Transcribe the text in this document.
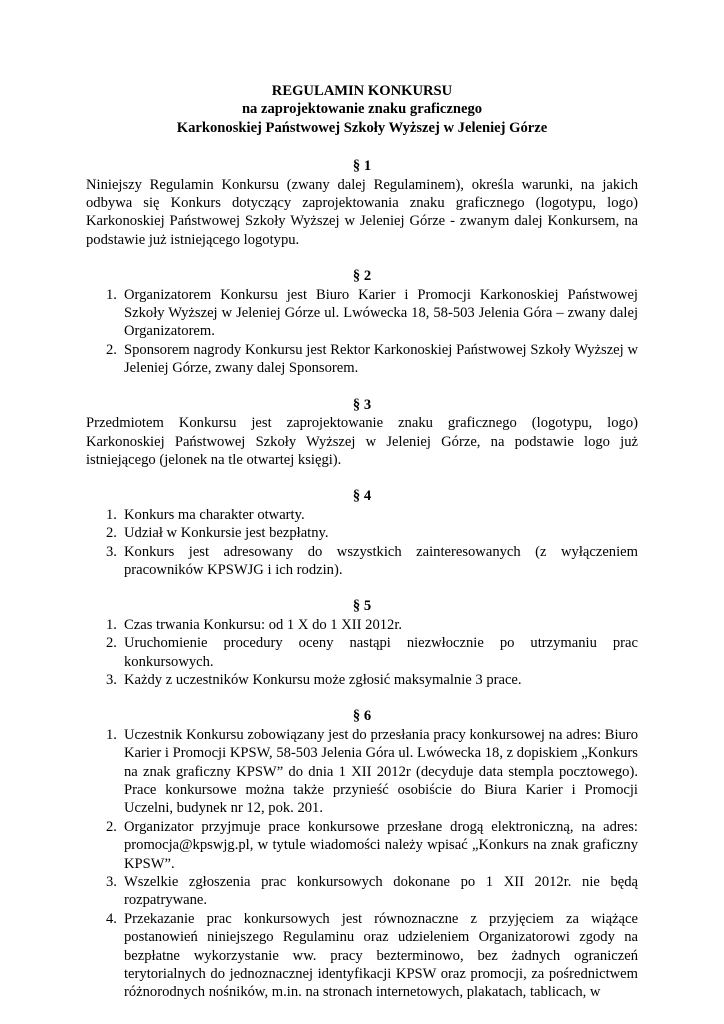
REGULAMIN KONKURSU

na zaprojektowanie znaku graficznego

Karkonoskiej Państwowej Szkoły Wyższej w Jeleniej Górze

§ 1

Niniejszy Regulamin Konkursu (zwany dalej Regulaminem), określa warunki, na jakich odbywa się Konkurs dotyczący zaprojektowania znaku graficznego (logotypu, logo) Karkonoskiej Państwowej Szkoły Wyższej w Jeleniej Górze - zwanym dalej Konkursem, na podstawie już istniejącego logotypu.

§ 2

1. Organizatorem Konkursu jest Biuro Karier i Promocji Karkonoskiej Państwowej Szkoły Wyższej w Jeleniej Górze ul. Lwówecka 18, 58-503 Jelenia Góra – zwany dalej Organizatorem.
2. Sponsorem nagrody Konkursu jest Rektor Karkonoskiej Państwowej Szkoły Wyższej w Jeleniej Górze, zwany dalej Sponsorem.

§ 3

Przedmiotem Konkursu jest zaprojektowanie znaku graficznego (logotypu, logo) Karkonoskiej Państwowej Szkoły Wyższej w Jeleniej Górze, na podstawie logo już istniejącego (jelonek na tle otwartej księgi).

§ 4

1. Konkurs ma charakter otwarty.
2. Udział w Konkursie jest bezpłatny.
3. Konkurs jest adresowany do wszystkich zainteresowanych (z wyłączeniem pracowników KPSWJG i ich rodzin).

§ 5

1. Czas trwania Konkursu: od 1 X do 1 XII 2012r.
2. Uruchomienie procedury oceny nastąpi niezwłocznie po utrzymaniu prac konkursowych.
3. Każdy z uczestników Konkursu może zgłosić maksymalnie 3 prace.

§ 6

1. Uczestnik Konkursu zobowiązany jest do przesłania pracy konkursowej na adres: Biuro Karier i Promocji KPSW, 58-503 Jelenia Góra ul. Lwówecka 18, z dopiskiem „Konkurs na znak graficzny KPSW” do dnia 1 XII 2012r (decyduje data stempla pocztowego). Prace konkursowe można także przynieść osobiście do Biura Karier i Promocji Uczelni, budynek nr 12, pok. 201.
2. Organizator przyjmuje prace konkursowe przesłane drogą elektroniczną, na adres: promocja@kpswjg.pl, w tytule wiadomości należy wpisać „Konkurs na znak graficzny KPSW”.
3. Wszelkie zgłoszenia prac konkursowych dokonane po 1 XII 2012r. nie będą rozpatrywane.
4. Przekazanie prac konkursowych jest równoznaczne z przyjęciem za wiążące postanowień niniejszego Regulaminu oraz udzieleniem Organizatorowi zgody na bezpłatne wykorzystanie ww. pracy bezterminowo, bez żadnych ograniczeń terytorialnych do jednoznacznej identyfikacji KPSW oraz promocji, za pośrednictwem różnorodnych nośników, m.in. na stronach internetowych, plakatach, tablicach, w
